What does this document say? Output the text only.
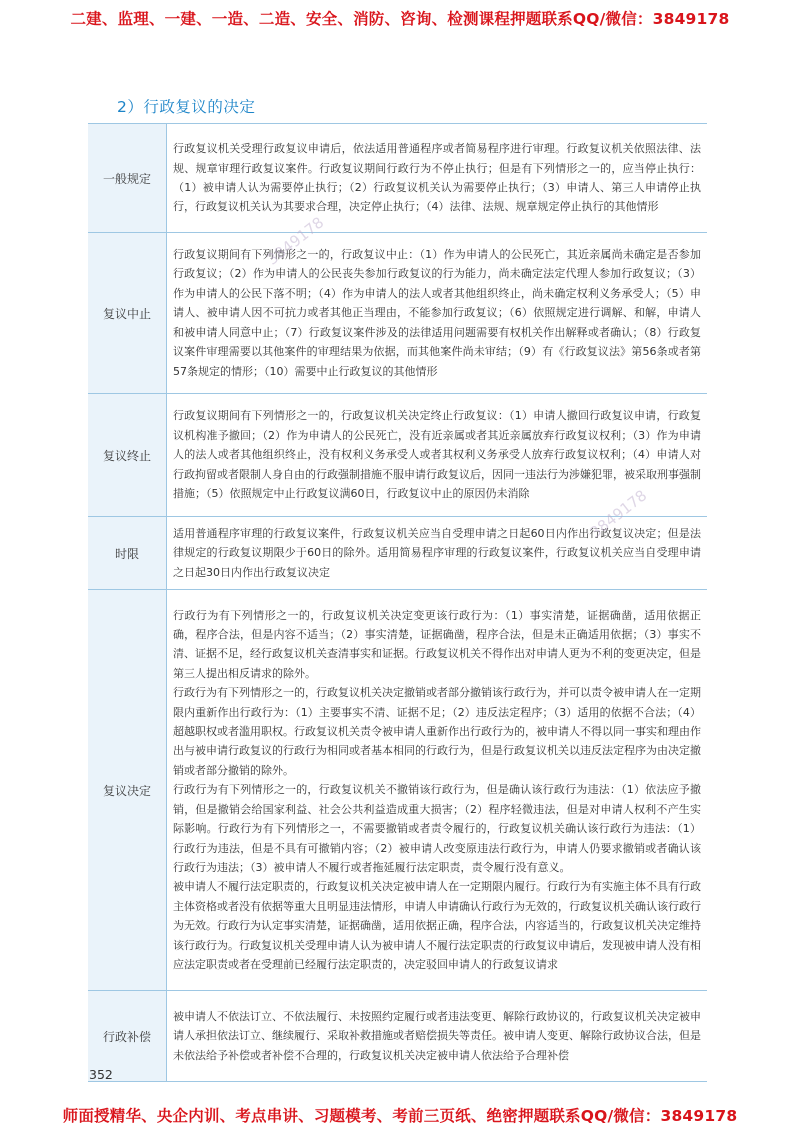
二建、监理、一建、一造、二造、安全、消防、咨询、检测课程押题联系QQ/微信：3849178
2）行政复议的决定
一般规定	行政复议机关受理行政复议申请后，依法适用普通程序或者简易程序进行审理。行政复议机关依照法律、法规、规章审理行政复议案件。行政复议期间行政行为不停止执行；但是有下列情形之一的，应当停止执行：（1）被申请人认为需要停止执行；（2）行政复议机关认为需要停止执行；（3）申请人、第三人申请停止执行，行政复议机关认为其要求合理，决定停止执行；（4）法律、法规、规章规定停止执行的其他情形

复议中止	行政复议期间有下列情形之一的，行政复议中止：（1）作为申请人的公民死亡，其近亲属尚未确定是否参加行政复议；（2）作为申请人的公民丧失参加行政复议的行为能力，尚未确定法定代理人参加行政复议；（3）作为申请人的公民下落不明；（4）作为申请人的法人或者其他组织终止，尚未确定权利义务承受人；（5）申请人、被申请人因不可抗力或者其他正当理由，不能参加行政复议；（6）依照规定进行调解、和解，申请人和被申请人同意中止；（7）行政复议案件涉及的法律适用问题需要有权机关作出解释或者确认；（8）行政复议案件审理需要以其他案件的审理结果为依据，而其他案件尚未审结；（9）有《行政复议法》第56条或者第57条规定的情形；（10）需要中止行政复议的其他情形

复议终止	行政复议期间有下列情形之一的，行政复议机关决定终止行政复议：（1）申请人撤回行政复议申请，行政复议机构准予撤回；（2）作为申请人的公民死亡，没有近亲属或者其近亲属放弃行政复议权利；（3）作为申请人的法人或者其他组织终止，没有权利义务承受人或者其权利义务承受人放弃行政复议权利；（4）申请人对行政拘留或者限制人身自由的行政强制措施不服申请行政复议后，因同一违法行为涉嫌犯罪，被采取刑事强制措施；（5）依照规定中止行政复议满60日，行政复议中止的原因仍未消除

时限	适用普通程序审理的行政复议案件，行政复议机关应当自受理申请之日起60日内作出行政复议决定；但是法律规定的行政复议期限少于60日的除外。适用简易程序审理的行政复议案件，行政复议机关应当自受理申请之日起30日内作出行政复议决定

复议决定	行政行为有下列情形之一的，行政复议机关决定变更该行政行为：（1）事实清楚，证据确凿，适用依据正确，程序合法，但是内容不适当；（2）事实清楚，证据确凿，程序合法，但是未正确适用依据；（3）事实不清、证据不足，经行政复议机关查清事实和证据。行政复议机关不得作出对申请人更为不利的变更决定，但是第三人提出相反请求的除外。

行政行为有下列情形之一的，行政复议机关决定撤销或者部分撤销该行政行为，并可以责令被申请人在一定期限内重新作出行政行为：（1）主要事实不清、证据不足；（2）违反法定程序；（3）适用的依据不合法；（4）超越职权或者滥用职权。行政复议机关责令被申请人重新作出行政行为的，被申请人不得以同一事实和理由作出与被申请行政复议的行政行为相同或者基本相同的行政行为，但是行政复议机关以违反法定程序为由决定撤销或者部分撤销的除外。

行政行为有下列情形之一的，行政复议机关不撤销该行政行为，但是确认该行政行为违法：（1）依法应予撤销，但是撤销会给国家利益、社会公共利益造成重大损害；（2）程序轻微违法，但是对申请人权利不产生实际影响。行政行为有下列情形之一，不需要撤销或者责令履行的，行政复议机关确认该行政行为违法：（1）行政行为违法，但是不具有可撤销内容；（2）被申请人改变原违法行政行为，申请人仍要求撤销或者确认该行政行为违法；（3）被申请人不履行或者拖延履行法定职责，责令履行没有意义。

被申请人不履行法定职责的，行政复议机关决定被申请人在一定期限内履行。行政行为有实施主体不具有行政主体资格或者没有依据等重大且明显违法情形，申请人申请确认行政行为无效的，行政复议机关确认该行政行为无效。行政行为认定事实清楚，证据确凿，适用依据正确，程序合法，内容适当的，行政复议机关决定维持该行政行为。行政复议机关受理申请人认为被申请人不履行法定职责的行政复议申请后，发现被申请人没有相应法定职责或者在受理前已经履行法定职责的，决定驳回申请人的行政复议请求

行政补偿	被申请人不依法订立、不依法履行、未按照约定履行或者违法变更、解除行政协议的，行政复议机关决定被申请人承担依法订立、继续履行、采取补救措施或者赔偿损失等责任。被申请人变更、解除行政协议合法，但是未依法给予补偿或者补偿不合理的，行政复议机关决定被申请人依法给予合理补偿

3849178
3849178
352
师面授精华、央企内训、考点串讲、习题模考、考前三页纸、绝密押题联系QQ/微信：3849178
